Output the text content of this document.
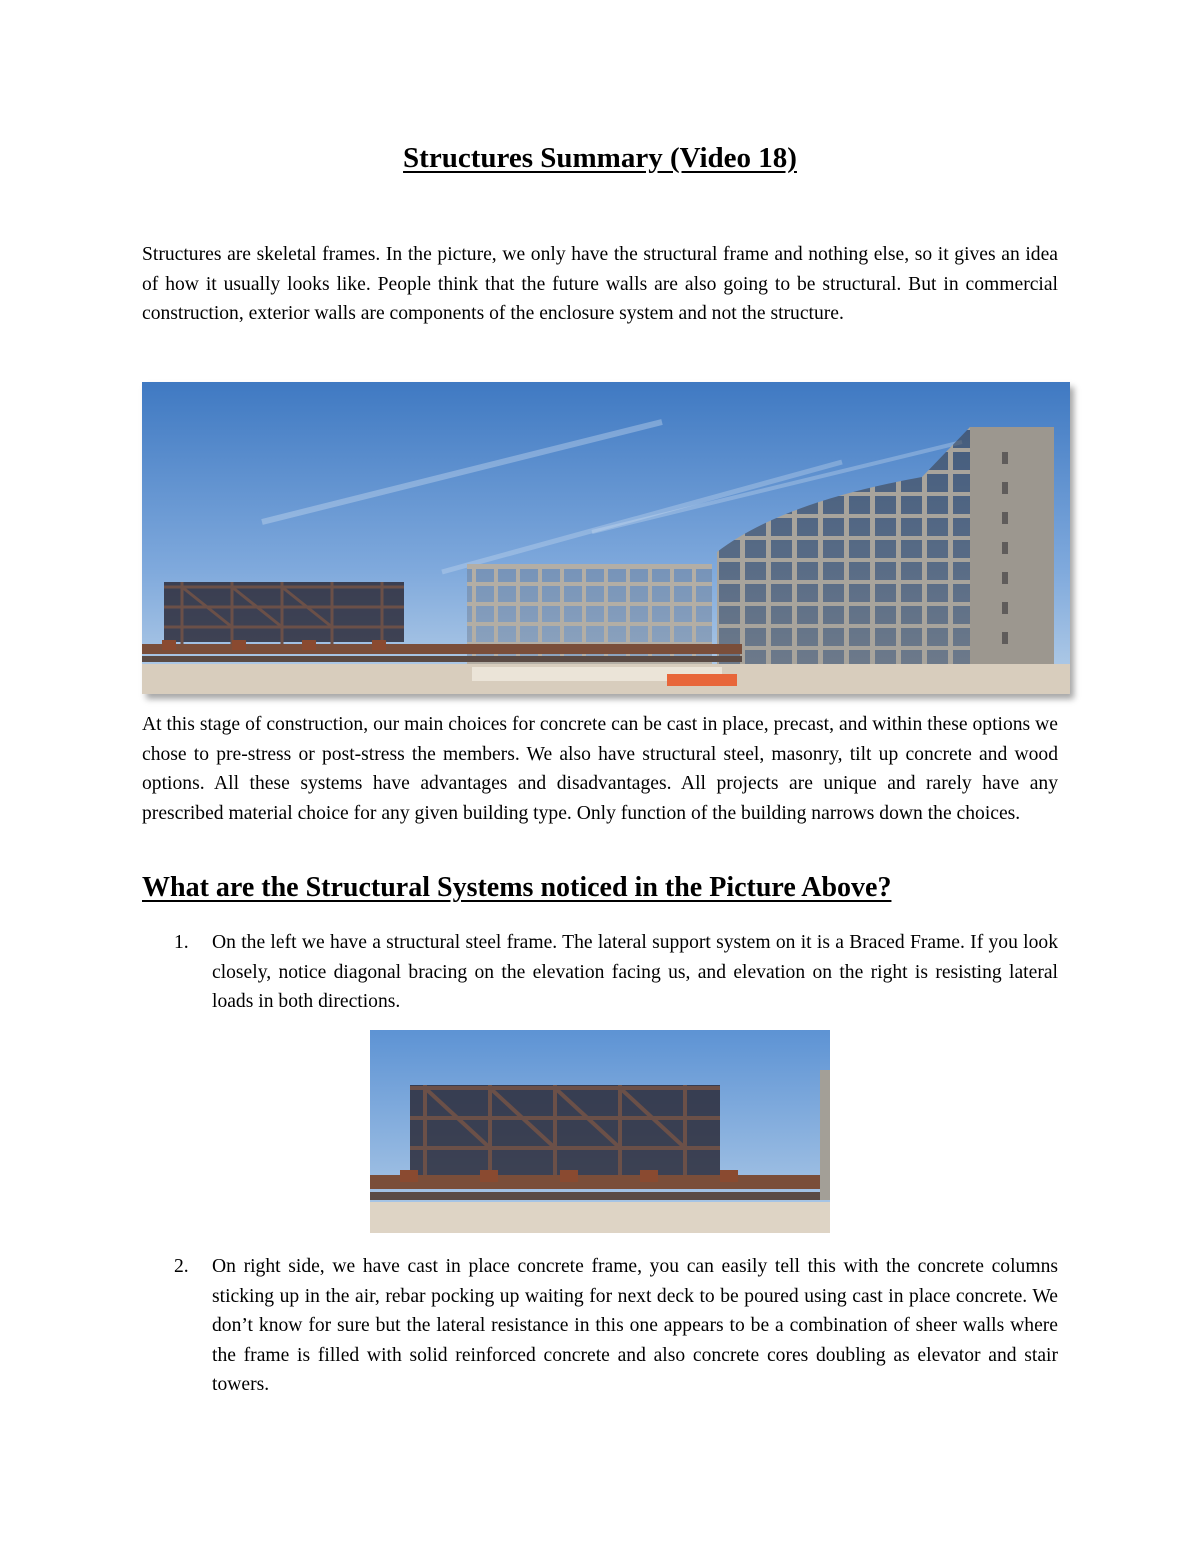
Structures Summary (Video 18)

Structures are skeletal frames. In the picture, we only have the structural frame and nothing else, so it gives an idea of how it usually looks like. People think that the future walls are also going to be structural. But in commercial construction, exterior walls are components of the enclosure system and not the structure.

At this stage of construction, our main choices for concrete can be cast in place, precast, and within these options we chose to pre-stress or post-stress the members. We also have structural steel, masonry, tilt up concrete and wood options. All these systems have advantages and disadvantages. All projects are unique and rarely have any prescribed material choice for any given building type. Only function of the building narrows down the choices.

What are the Structural Systems noticed in the Picture Above?
1. On the left we have a structural steel frame. The lateral support system on it is a Braced Frame. If you look closely, notice diagonal bracing on the elevation facing us, and elevation on the right is resisting lateral loads in both directions.

2. On right side, we have cast in place concrete frame, you can easily tell this with the concrete columns sticking up in the air, rebar pocking up waiting for next deck to be poured using cast in place concrete. We don’t know for sure but the lateral resistance in this one appears to be a combination of sheer walls where the frame is filled with solid reinforced concrete and also concrete cores doubling as elevator and stair towers.
